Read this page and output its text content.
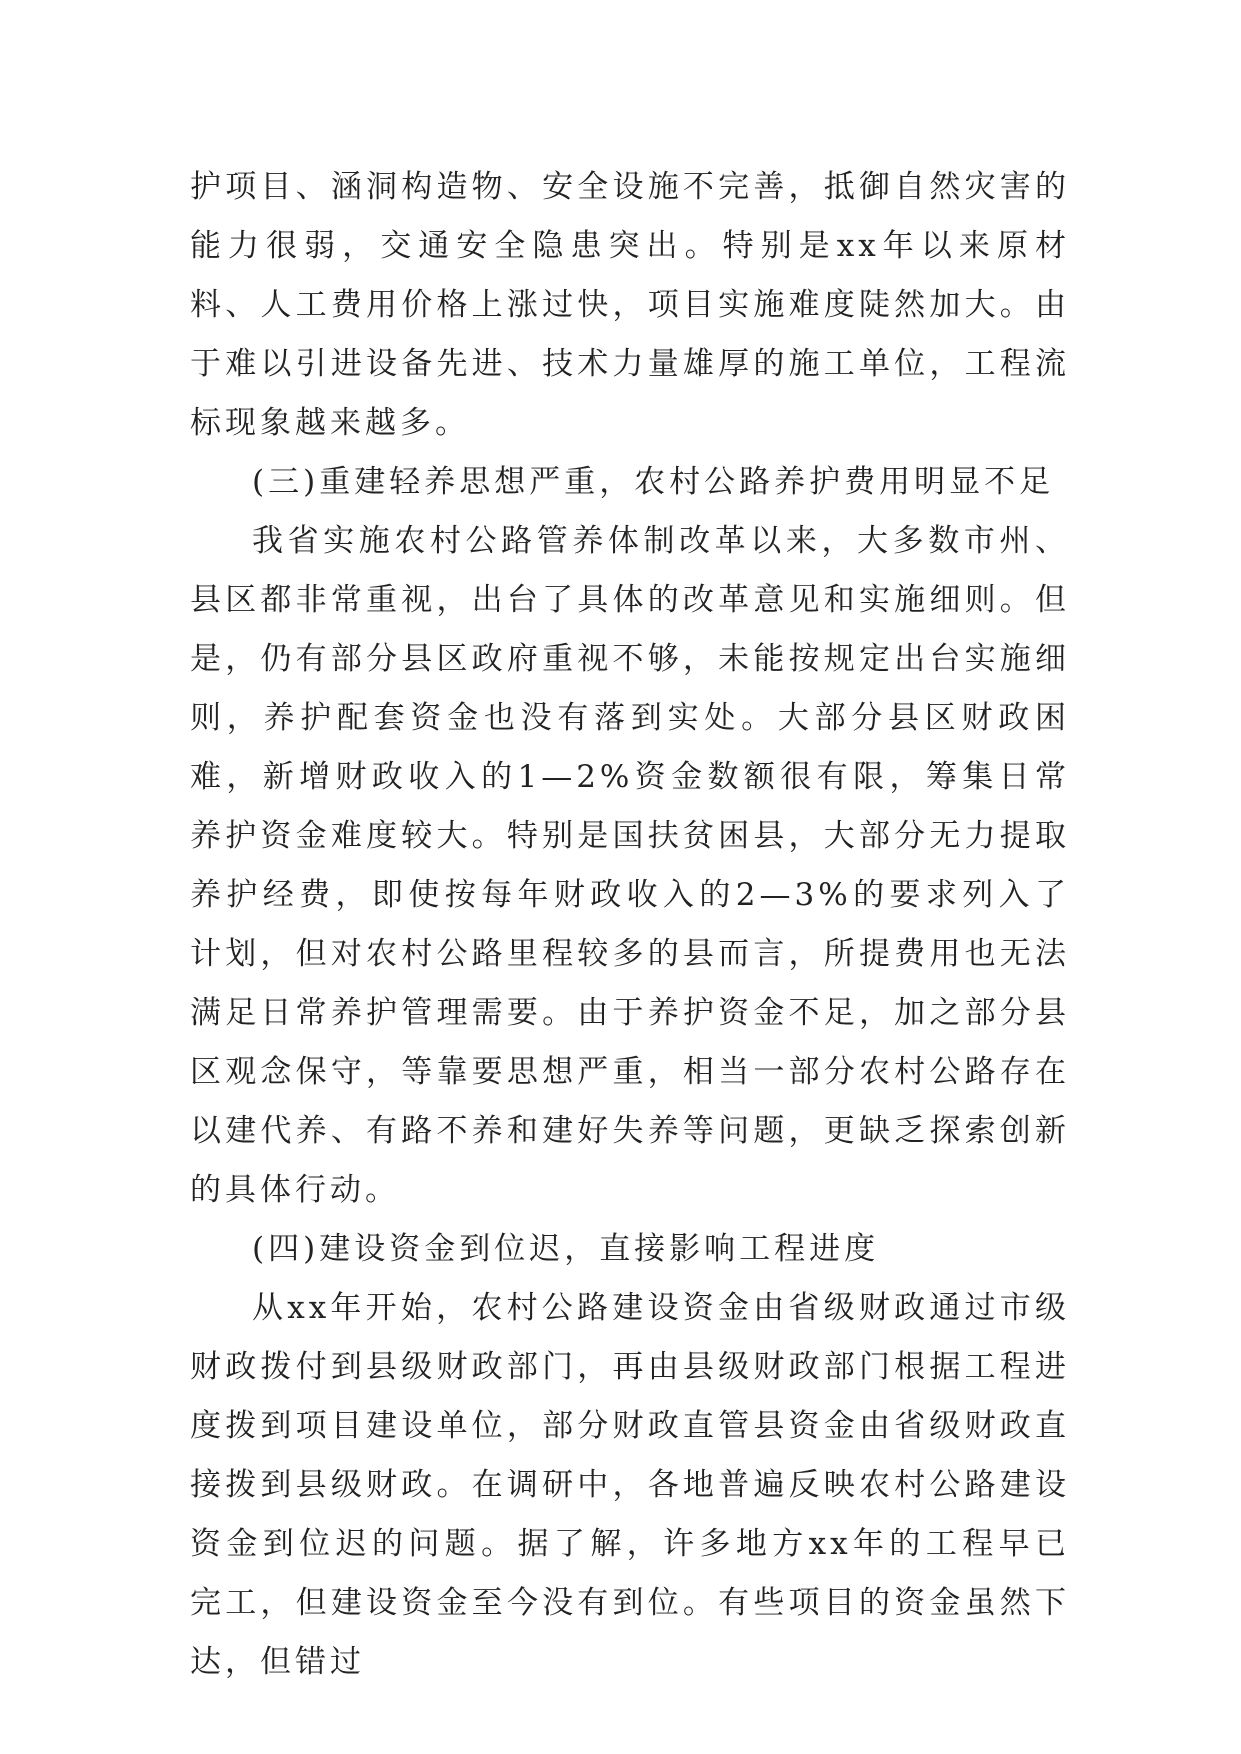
护项目、涵洞构造物、安全设施不完善，抵御自然灾害的能力很弱，交通安全隐患突出。特别是xx年以来原材料、人工费用价格上涨过快，项目实施难度陡然加大。由于难以引进设备先进、技术力量雄厚的施工单位，工程流标现象越来越多。

(三)重建轻养思想严重，农村公路养护费用明显不足

我省实施农村公路管养体制改革以来，大多数市州、县区都非常重视，出台了具体的改革意见和实施细则。但是，仍有部分县区政府重视不够，未能按规定出台实施细则，养护配套资金也没有落到实处。大部分县区财政困难，新增财政收入的1—2%资金数额很有限，筹集日常养护资金难度较大。特别是国扶贫困县，大部分无力提取养护经费，即使按每年财政收入的2—3%的要求列入了计划，但对农村公路里程较多的县而言，所提费用也无法满足日常养护管理需要。由于养护资金不足，加之部分县区观念保守，等靠要思想严重，相当一部分农村公路存在以建代养、有路不养和建好失养等问题，更缺乏探索创新的具体行动。

(四)建设资金到位迟，直接影响工程进度

从xx年开始，农村公路建设资金由省级财政通过市级财政拨付到县级财政部门，再由县级财政部门根据工程进度拨到项目建设单位，部分财政直管县资金由省级财政直接拨到县级财政。在调研中，各地普遍反映农村公路建设资金到位迟的问题。据了解，许多地方xx年的工程早已完工，但建设资金至今没有到位。有些项目的资金虽然下达，但错过
